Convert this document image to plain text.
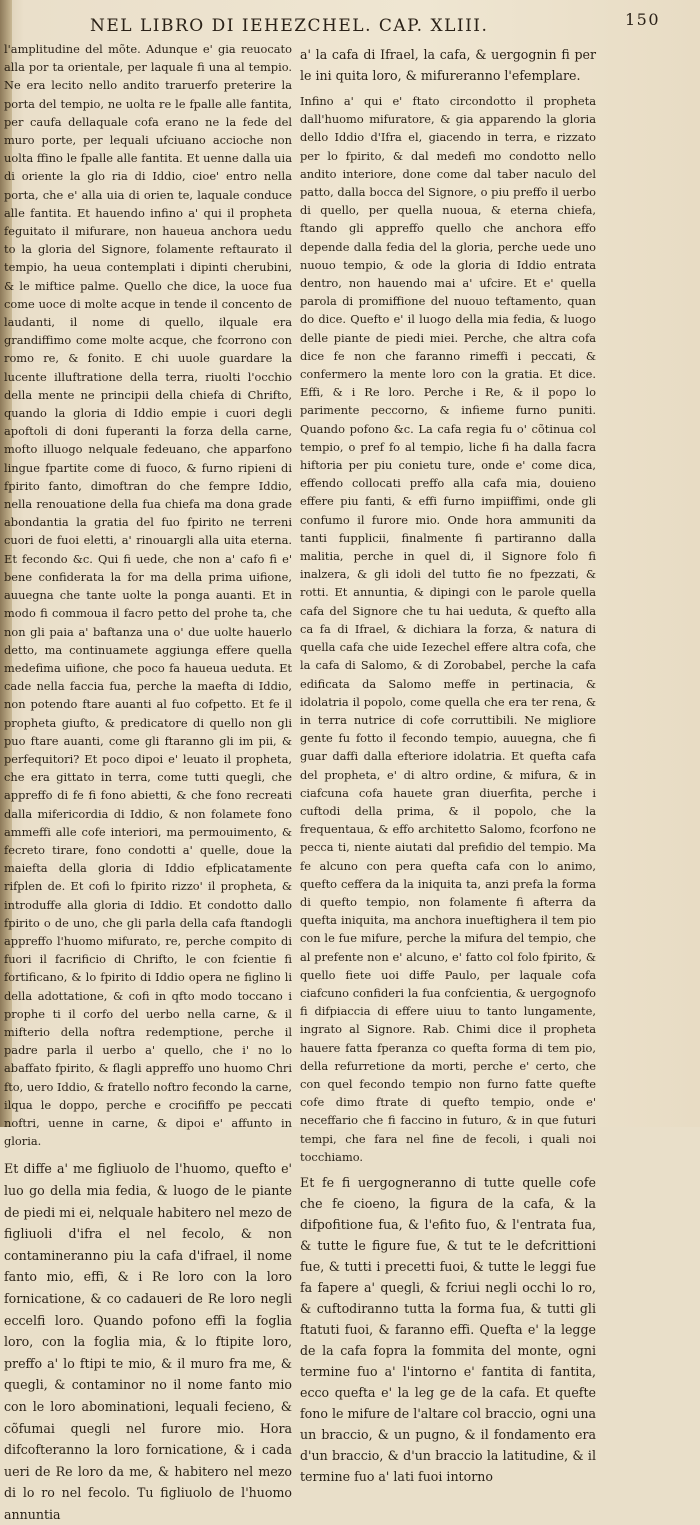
NEL LIBRO DI IEHEZCHEL. CAP. XLIII.	150

l'amplitudine del mõte. Adunque e' gia reuocato alla por ta orientale, per laquale fi una al tempio. Ne era lecito nello andito traruerfo preterire la porta del tempio, ne uolta re le fpalle alle fantita, per caufa dellaquale cofa erano ne la fede del muro porte, per lequali ufciuano accioche non uolta ffino le fpalle alle fantita. Et uenne dalla uia di oriente la glo ria di Iddio, cioe' entro nella porta, che e' alla uia di orien te, laquale conduce alle fantita. Et hauendo infino a' qui il propheta feguitato il mifurare, non haueua anchora uedu to la gloria del Signore, folamente reftaurato il tempio, ha ueua contemplati i dipinti cherubini, & le miftice palme. Quello che dice, la uoce fua come uoce di molte acque in tende il concento de laudanti, il nome di quello, ilquale era grandiffimo come molte acque, che fcorrono con romo re, & fonito. E chi uuole guardare la lucente illuftratione della terra, riuolti l'occhio della mente ne principii della chiefa di Chrifto, quando la gloria di Iddio empie i cuori degli apoftoli di doni fuperanti la forza della carne, mofto illuogo nelquale fedeuano, che apparfono lingue fpartite come di fuoco, & furno ripieni di fpirito fanto, dimoftran do che fempre Iddio, nella renouatione della fua chiefa ma dona grade abondantia la gratia del fuo fpirito ne terreni cuori de fuoi eletti, a' rinouargli alla uita eterna. Et fecondo &c. Qui fi uede, che non a' cafo fi e' bene confiderata la for ma della prima uifione, auuegna che tante uolte la ponga auanti. Et in modo fi commoua il facro petto del prohe ta, che non gli paia a' baftanza una o' due uolte hauerlo detto, ma continuamete aggiunga effere quella medefima uifione, che poco fa haueua ueduta. Et cade nella faccia fua, perche la maefta di Iddio, non potendo ftare auanti al fuo cofpetto. Et fe il propheta giufto, & predicatore di quello non gli puo ftare auanti, come gli ftaranno gli im pii, & perfequitori? Et poco dipoi e' leuato il propheta, che era gittato in terra, come tutti quegli, che appreffo di fe fi fono abietti, & che fono recreati dalla mifericordia di Iddio, & non folamete fono ammeffi alle cofe interiori, ma permouimento, & fecreto tirare, fono condotti a' quelle, doue la maiefta della gloria di Iddio efplicatamente rifplen de. Et cofi lo fpirito rizzo' il propheta, & introduffe alla gloria di Iddio. Et condotto dallo fpirito o de uno, che gli parla della cafa ftandogli appreffo l'huomo mifurato, re, perche compito di fuori il facrificio di Chrifto, le con fcientie fi fortificano, & lo fpirito di Iddio opera ne figlino li della adottatione, & cofi in qfto modo toccano i prophe ti il corfo del uerbo nella carne, & il mifterio della noftra redemptione, perche il padre parla il uerbo a' quello, che i' no lo abaffato fpirito, & flagli appreffo uno huomo Chri fto, uero Iddio, & fratello noftro fecondo la carne, ilqua le doppo, perche e crocififfo pe peccati noftri, uenne in carne, & dipoi e' affunto in gloria.

Et diffe a' me figliuolo de l'huomo, quefto e' luo go della mia fedia, & luogo de le piante de piedi mi ei, nelquale habitero nel mezo de figliuoli d'ifra el nel fecolo, & non contamineranno piu la cafa d'ifrael, il nome fanto mio, effi, & i Re loro con la loro fornicatione, & co cadaueri de Re loro negli eccelfi loro. Quando pofono effi la foglia loro, con la foglia mia, & lo ftipite loro, preffo a' lo ftipi te mio, & il muro fra me, & quegli, & contaminor no il nome fanto mio con le loro abominationi, lequali fecieno, & cõfumai quegli nel furore mio. Hora difcofteranno la loro fornicatione, & i cada ueri de Re loro da me, & habitero nel mezo di lo ro nel fecolo. Tu figliuolo de l'huomo annuntia

a' la cafa di Ifrael, la cafa, & uergognin fi per le ini quita loro, & mifureranno l'efemplare.

Infino a' qui e' ftato circondotto il propheta dall'huomo mifuratore, & gia apparendo la gloria dello Iddio d'Ifra el, giacendo in terra, e rizzato per lo fpirito, & dal medefi mo condotto nello andito interiore, done come dal taber naculo del patto, dalla bocca del Signore, o piu preffo il uerbo di quello, per quella nuoua, & eterna chiefa, ftando gli appreffo quello che anchora effo depende dalla fedia del la gloria, perche uede uno nuouo tempio, & ode la gloria di Iddio entrata dentro, non hauendo mai a' ufcire. Et e' quella parola di promiffione del nuouo teftamento, quan do dice. Quefto e' il luogo della mia fedia, & luogo delle piante de piedi miei. Perche, che altra cofa dice fe non che faranno rimeffi i peccati, & confermero la mente loro con la gratia. Et dice. Effi, & i Re loro. Perche i Re, & il popo lo parimente peccorno, & infieme furno puniti. Quando pofono &c. La cafa regia fu o' cõtinua col tempio, o pref fo al tempio, liche fi ha dalla facra hiftoria per piu conietu ture, onde e' come dica, effendo collocati preffo alla cafa mia, douieno effere piu fanti, & effi furno impiiffimi, onde gli confumo il furore mio. Onde hora ammuniti da tanti fupplicii, finalmente fi partiranno dalla malitia, perche in quel di, il Signore folo fi inalzera, & gli idoli del tutto fie no fpezzati, & rotti. Et annuntia, & dipingi con le parole quella cafa del Signore che tu hai ueduta, & quefto alla ca fa di Ifrael, & dichiara la forza, & natura di quella cafa che uide Iezechel effere altra cofa, che la cafa di Salomo, & di Zorobabel, perche la cafa edificata da Salomo meffe in pertinacia, & idolatria il popolo, come quella che era ter rena, & in terra nutrice di cofe corruttibili. Ne migliore gente fu fotto il fecondo tempio, auuegna, che fi guar daffi dalla efteriore idolatria. Et quefta cafa del propheta, e' di altro ordine, & mifura, & in ciafcuna cofa hauete gran diuerfita, perche i cuftodi della prima, & il popolo, che la frequentaua, & effo architetto Salomo, fcorfono ne pecca ti, niente aiutati dal prefidio del tempio. Ma fe alcuno con pera quefta cafa con lo animo, quefto ceffera da la iniquita ta, anzi prefa la forma di quefto tempio, non folamente fi afterra da quefta iniquita, ma anchora inueftighera il tem pio con le fue mifure, perche la mifura del tempio, che al prefente non e' alcuno, e' fatto col folo fpirito, & quello fiete uoi diffe Paulo, per laquale cofa ciafcuno confideri la fua confcientia, & uergognofo fi difpiaccia di effere uiuu to tanto lungamente, ingrato al Signore. Rab. Chimi dice il propheta hauere fatta fperanza co quefta forma di tem pio, della refurretione da morti, perche e' certo, che con quel fecondo tempio non furno fatte quefte cofe dimo ftrate di quefto tempio, onde e' neceffario che fi faccino in futuro, & in que futuri tempi, che fara nel fine de fecoli, i quali noi tocchiamo.

Et fe fi uergogneranno di tutte quelle cofe che fe cioeno, la figura de la cafa, & la difpofitione fua, & l'efito fuo, & l'entrata fua, & tutte le figure fue, & tut te le defcrittioni fue, & tutti i precetti fuoi, & tutte le leggi fue fa fapere a' quegli, & fcriui negli occhi lo ro, & cuftodiranno tutta la forma fua, & tutti gli ftatuti fuoi, & faranno effi. Quefta e' la legge de la cafa fopra la fommita del monte, ogni termine fuo a' l'intorno e' fantita di fantita, ecco quefta e' la leg ge de la cafa. Et quefte fono le mifure de l'altare col braccio, ogni una un braccio, & un pugno, & il fondamento era d'un braccio, & d'un braccio la latitudine, & il termine fuo a' lati fuoi intorno
